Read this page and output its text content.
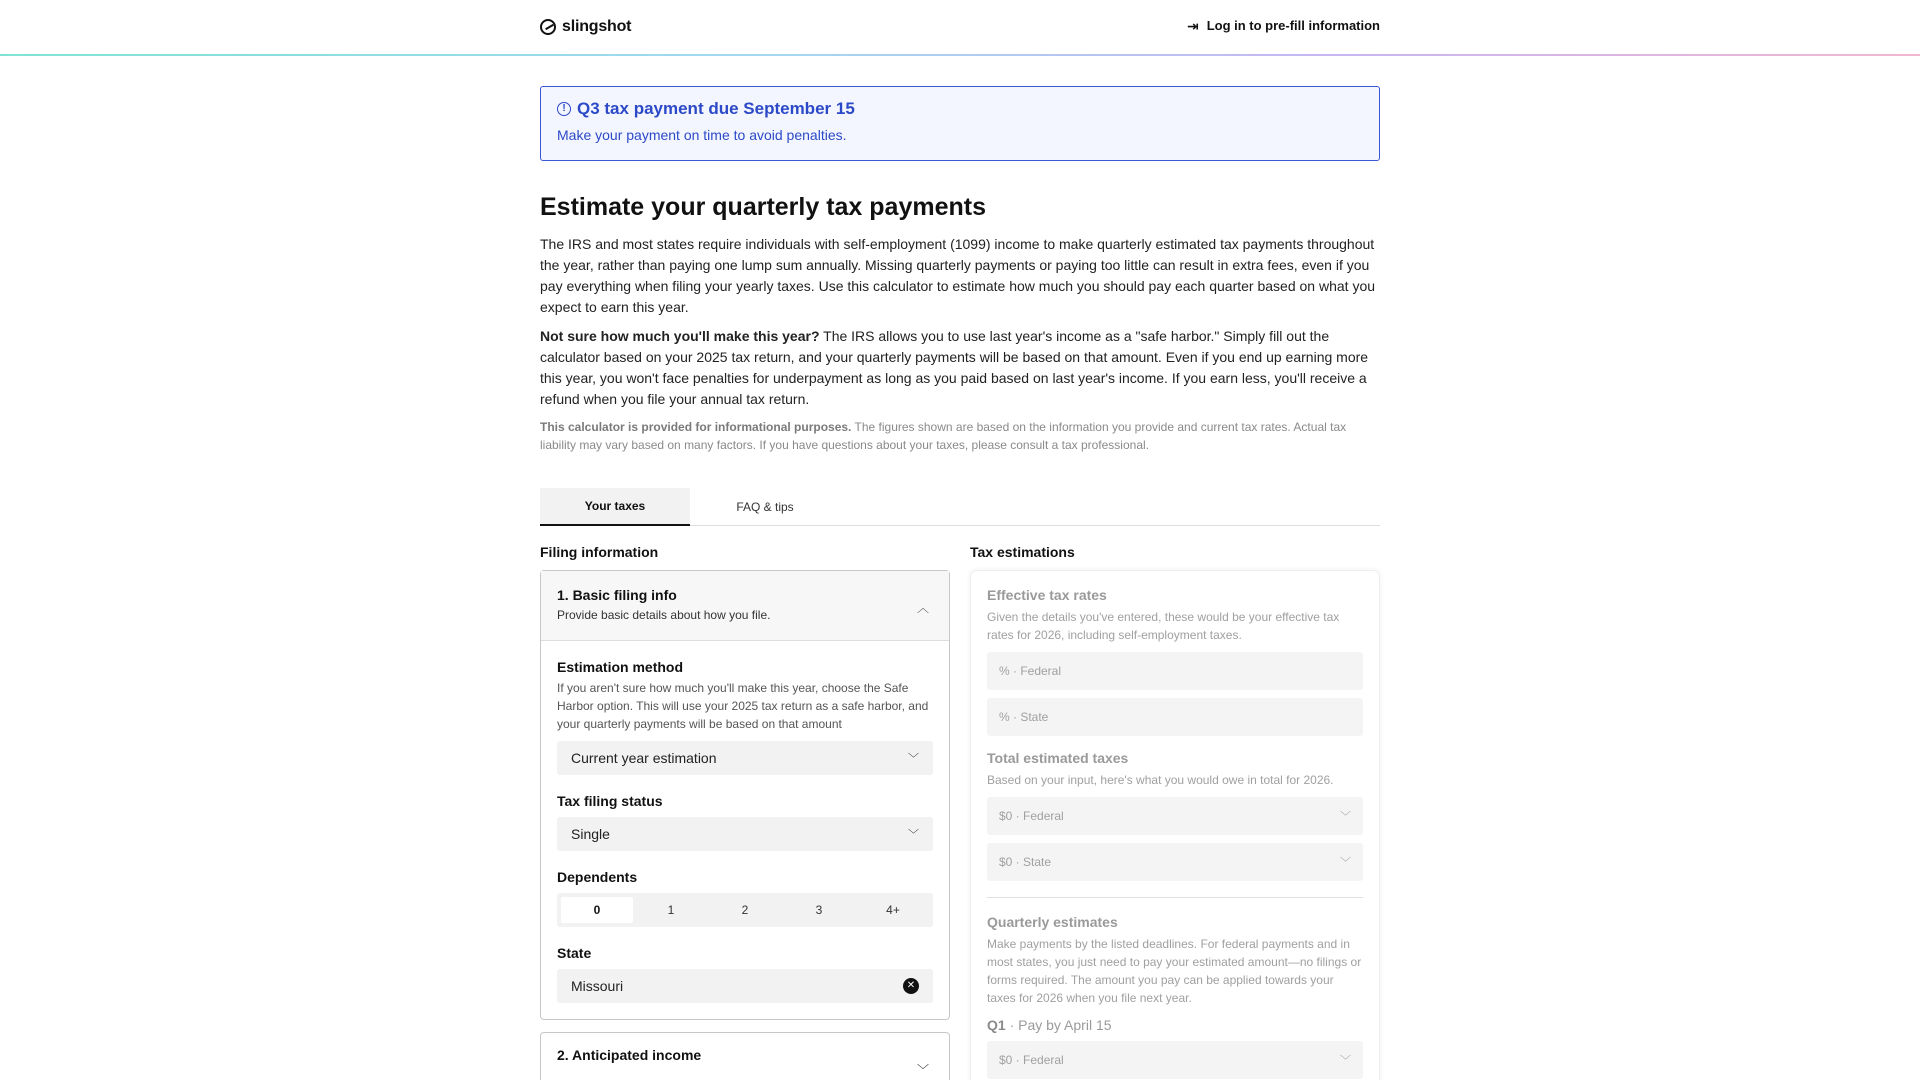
slingshot	⇥ Log in to pre-fill information
! Q3 tax payment due September 15
Make your payment on time to avoid penalties.
Estimate your quarterly tax payments

The IRS and most states require individuals with self-employment (1099) income to make quarterly estimated tax payments throughout the year, rather than paying one lump sum annually. Missing quarterly payments or paying too little can result in extra fees, even if you pay everything when filing your yearly taxes. Use this calculator to estimate how much you should pay each quarter based on what you expect to earn this year.

Not sure how much you'll make this year? The IRS allows you to use last year's income as a "safe harbor." Simply fill out the calculator based on your 2025 tax return, and your quarterly payments will be based on that amount. Even if you end up earning more this year, you won't face penalties for underpayment as long as you paid based on last year's income. If you earn less, you'll receive a refund when you file your annual tax return.

This calculator is provided for informational purposes. The figures shown are based on the information you provide and current tax rates. Actual tax liability may vary based on many factors. If you have questions about your taxes, please consult a tax professional.

Your taxes	FAQ & tips
Filing information
1. Basic filing info
Provide basic details about how you file.	︿
Estimation method
If you aren't sure how much you'll make this year, choose the Safe Harbor option. This will use your 2025 tax return as a safe harbor, and your quarterly payments will be based on that amount
Current year estimation	﹀
Tax filing status
Single	﹀
Dependents
0	1	2	3	4+
State
Missouri	✕
2. Anticipated income
﹀
Tax estimations
Effective tax rates
Given the details you've entered, these would be your effective tax rates for 2026, including self-employment taxes.
% · Federal
% · State
Total estimated taxes
Based on your input, here's what you would owe in total for 2026.
$0 · Federal	﹀
$0 · State	﹀
Quarterly estimates
Make payments by the listed deadlines. For federal payments and in most states, you just need to pay your estimated amount—no filings or forms required. The amount you pay can be applied towards your taxes for 2026 when you file next year.
Q1 · Pay by April 15
$0 · Federal	﹀
